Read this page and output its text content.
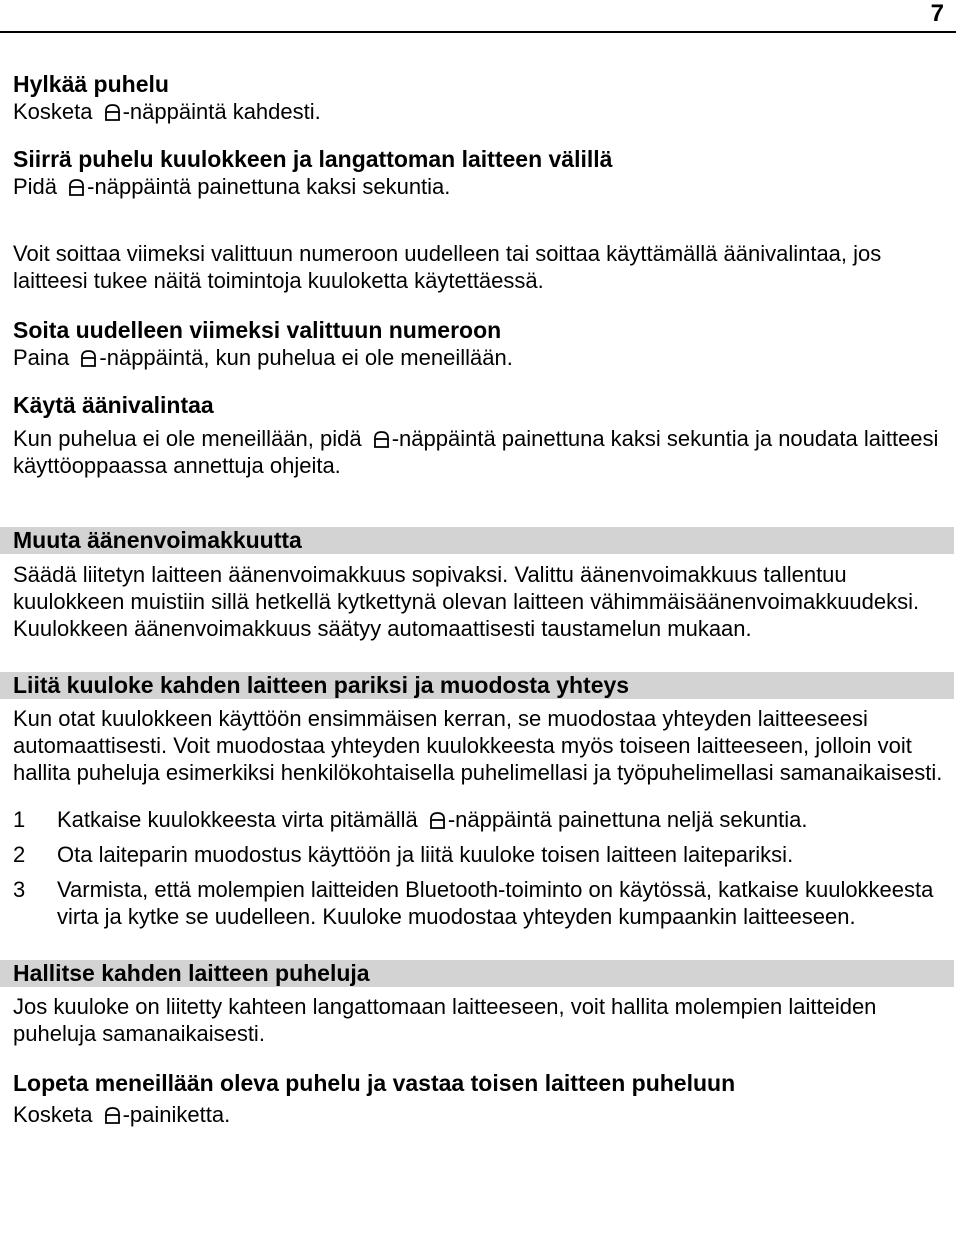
7

Hylkää puhelu

Kosketa
-näppäintä kahdesti.

Siirrä puhelu kuulokkeen ja langattoman laitteen välillä

Pidä
-näppäintä painettuna kaksi sekuntia.

Voit soittaa viimeksi valittuun numeroon uudelleen tai soittaa käyttämällä äänivalintaa, jos laitteesi tukee näitä toimintoja kuuloketta käytettäessä.

Soita uudelleen viimeksi valittuun numeroon

Paina
-näppäintä, kun puhelua ei ole meneillään.

Käytä äänivalintaa

Kun puhelua ei ole meneillään, pidä
-näppäintä painettuna kaksi sekuntia ja noudata laitteesi käyttöoppaassa annettuja ohjeita.

Muuta äänenvoimakkuutta

Säädä liitetyn laitteen äänenvoimakkuus sopivaksi. Valittu äänenvoimakkuus tallentuu kuulokkeen muistiin sillä hetkellä kytkettynä olevan laitteen vähimmäisäänenvoimakkuudeksi. Kuulokkeen äänenvoimakkuus säätyy automaattisesti taustamelun mukaan.

Liitä kuuloke kahden laitteen pariksi ja muodosta yhteys

Kun otat kuulokkeen käyttöön ensimmäisen kerran, se muodostaa yhteyden laitteeseesi automaattisesti. Voit muodostaa yhteyden kuulokkeesta myös toiseen laitteeseen, jolloin voit hallita puheluja esimerkiksi henkilökohtaisella puhelimellasi ja työpuhelimellasi samanaikaisesti.

1 Katkaise kuulokkeesta virta pitämällä
-näppäintä painettuna neljä sekuntia.
2 Ota laiteparin muodostus käyttöön ja liitä kuuloke toisen laitteen laitepariksi.
3 Varmista, että molempien laitteiden Bluetooth-toiminto on käytössä, katkaise kuulokkeesta virta ja kytke se uudelleen. Kuuloke muodostaa yhteyden kumpaankin laitteeseen.

Hallitse kahden laitteen puheluja

Jos kuuloke on liitetty kahteen langattomaan laitteeseen, voit hallita molempien laitteiden puheluja samanaikaisesti.

Lopeta meneillään oleva puhelu ja vastaa toisen laitteen puheluun

Kosketa
-painiketta.
